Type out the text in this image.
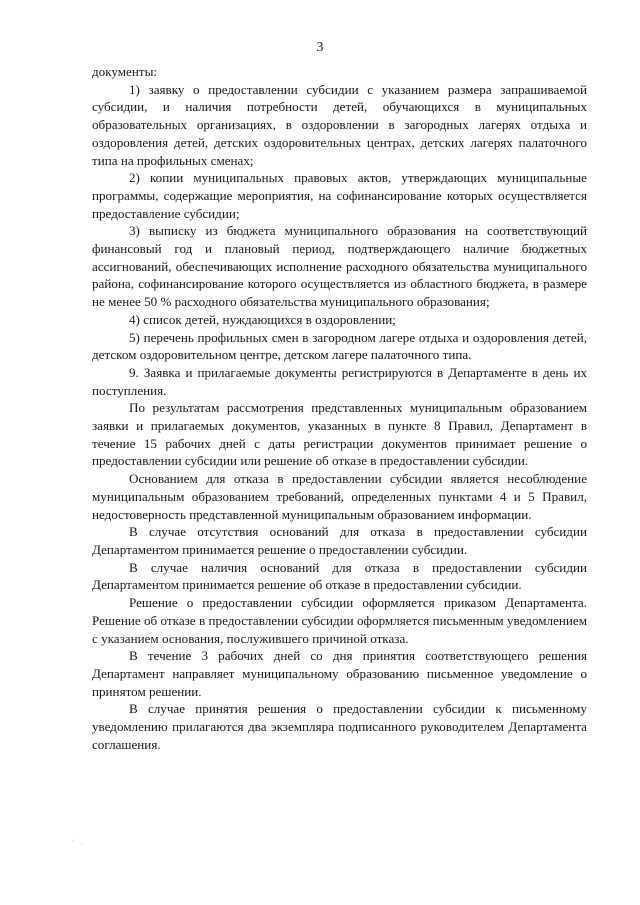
3

документы:

1) заявку о предоставлении субсидии с указанием размера запрашиваемой субсидии, и наличия потребности детей, обучающихся в муниципальных образовательных организациях, в оздоровлении в загородных лагерях отдыха и оздоровления детей, детских оздоровительных центрах, детских лагерях палаточного типа на профильных сменах;

2) копии муниципальных правовых актов, утверждающих муниципальные программы, содержащие мероприятия, на софинансирование которых осуществляется предоставление субсидии;

3) выписку из бюджета муниципального образования на соответствующий финансовый год и плановый период, подтверждающего наличие бюджетных ассигнований, обеспечивающих исполнение расходного обязательства муниципального района, софинансирование которого осуществляется из областного бюджета, в размере не менее 50 % расходного обязательства муниципального образования;

4) список детей, нуждающихся в оздоровлении;

5) перечень профильных смен в загородном лагере отдыха и оздоровления детей, детском оздоровительном центре, детском лагере палаточного типа.

9. Заявка и прилагаемые документы регистрируются в Департаменте в день их поступления.

По результатам рассмотрения представленных муниципальным образованием заявки и прилагаемых документов, указанных в пункте 8 Правил, Департамент в течение 15 рабочих дней с даты регистрации документов принимает решение о предоставлении субсидии или решение об отказе в предоставлении субсидии.

Основанием для отказа в предоставлении субсидии является несоблюдение муниципальным образованием требований, определенных пунктами 4 и 5 Правил, недостоверность представленной муниципальным образованием информации.

В случае отсутствия оснований для отказа в предоставлении субсидии Департаментом принимается решение о предоставлении субсидии.

В случае наличия оснований для отказа в предоставлении субсидии Департаментом принимается решение об отказе в предоставлении субсидии.

Решение о предоставлении субсидии оформляется приказом Департамента. Решение об отказе в предоставлении субсидии оформляется письменным уведомлением с указанием основания, послужившего причиной отказа.

В течение 3 рабочих дней со дня принятия соответствующего решения Департамент направляет муниципальному образованию письменное уведомление о принятом решении.

В случае принятия решения о предоставлении субсидии к письменному уведомлению прилагаются два экземпляра подписанного руководителем Департамента соглашения.

ʻ .
